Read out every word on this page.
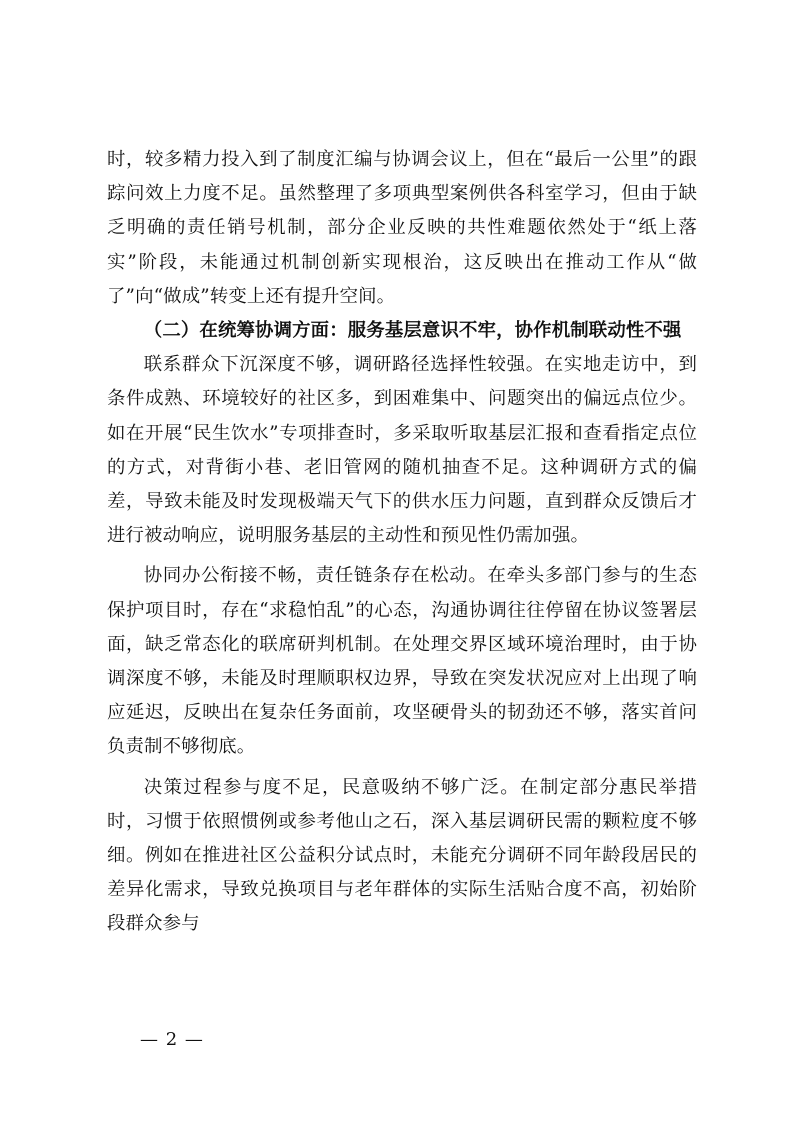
时，较多精力投入到了制度汇编与协调会议上，但在“最后一公里”的跟踪问效上力度不足。虽然整理了多项典型案例供各科室学习，但由于缺乏明确的责任销号机制，部分企业反映的共性难题依然处于“纸上落实”阶段，未能通过机制创新实现根治，这反映出在推动工作从“做了”向“做成”转变上还有提升空间。

（二）在统筹协调方面：服务基层意识不牢，协作机制联动性不强

联系群众下沉深度不够，调研路径选择性较强。在实地走访中，到条件成熟、环境较好的社区多，到困难集中、问题突出的偏远点位少。如在开展“民生饮水”专项排查时，多采取听取基层汇报和查看指定点位的方式，对背街小巷、老旧管网的随机抽查不足。这种调研方式的偏差，导致未能及时发现极端天气下的供水压力问题，直到群众反馈后才进行被动响应，说明服务基层的主动性和预见性仍需加强。

协同办公衔接不畅，责任链条存在松动。在牵头多部门参与的生态保护项目时，存在“求稳怕乱”的心态，沟通协调往往停留在协议签署层面，缺乏常态化的联席研判机制。在处理交界区域环境治理时，由于协调深度不够，未能及时理顺职权边界，导致在突发状况应对上出现了响应延迟，反映出在复杂任务面前，攻坚硬骨头的韧劲还不够，落实首问负责制不够彻底。

决策过程参与度不足，民意吸纳不够广泛。在制定部分惠民举措时，习惯于依照惯例或参考他山之石，深入基层调研民需的颗粒度不够细。例如在推进社区公益积分试点时，未能充分调研不同年龄段居民的差异化需求，导致兑换项目与老年群体的实际生活贴合度不高，初始阶段群众参与

— 2 —
